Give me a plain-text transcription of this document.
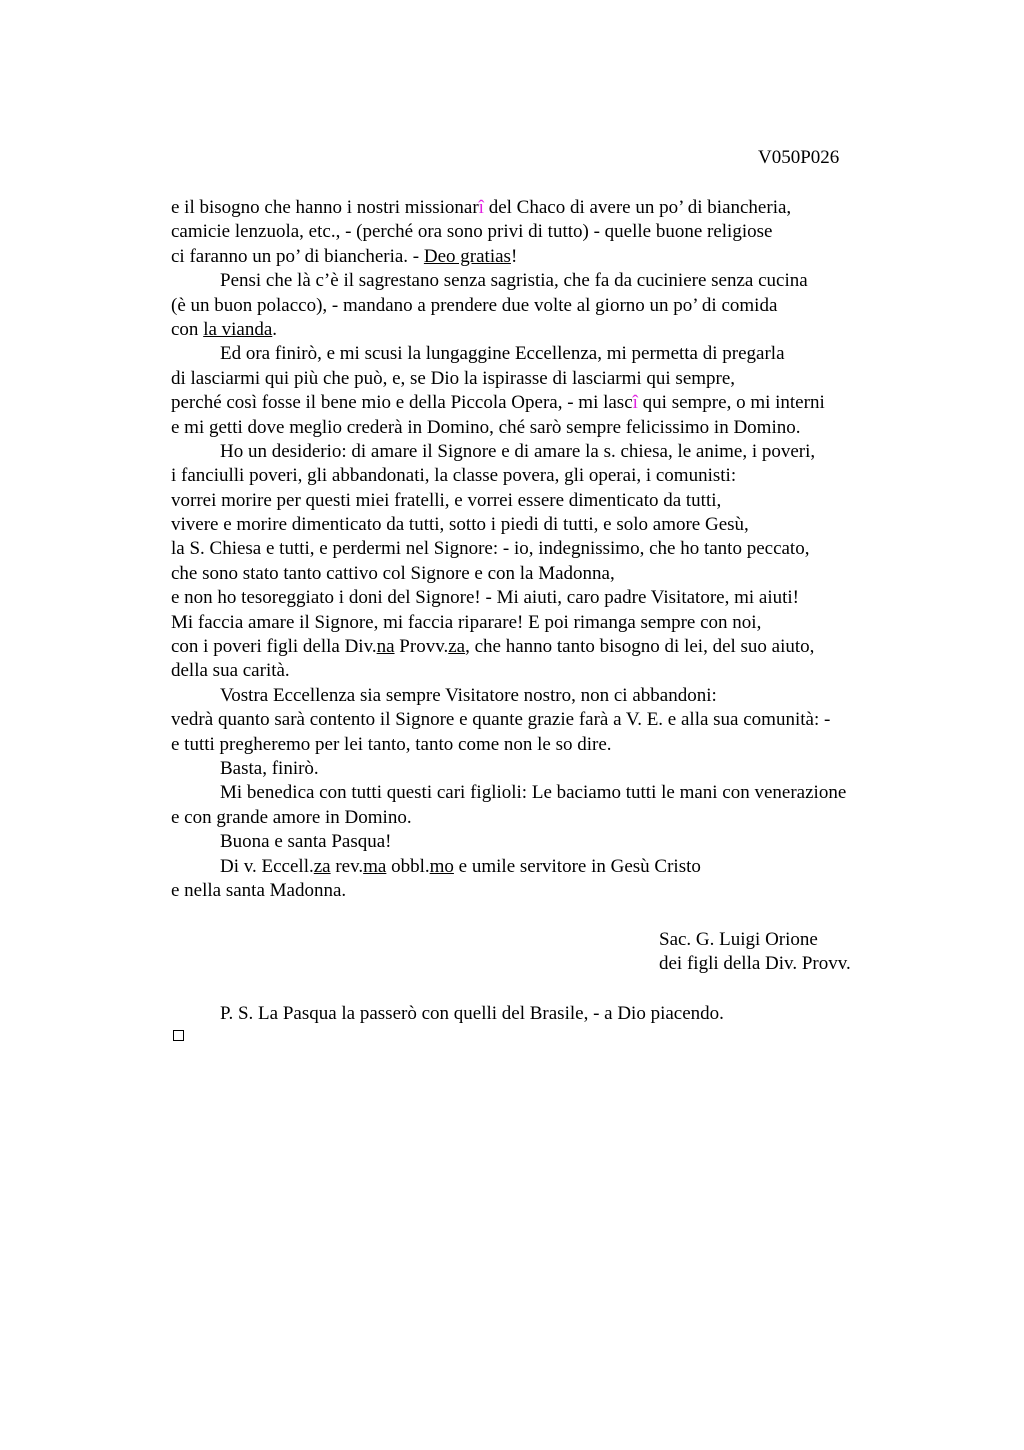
V050P026
e il bisogno che hanno i nostri missionarî del Chaco di avere un po’ di biancheria,
camicie lenzuola, etc., - (perché ora sono privi di tutto) - quelle buone religiose
ci faranno un po’ di biancheria. - Deo gratias!
Pensi che là c’è il sagrestano senza sagristia, che fa da cuciniere senza cucina
(è un buon polacco), - mandano a prendere due volte al giorno un po’ di comida
con la vianda.
Ed ora finirò, e mi scusi la lungaggine Eccellenza, mi permetta di pregarla
di lasciarmi qui più che può, e, se Dio la ispirasse di lasciarmi qui sempre,
perché così fosse il bene mio e della Piccola Opera, - mi lascî qui sempre, o mi interni
e mi getti dove meglio crederà in Domino, ché sarò sempre felicissimo in Domino.
Ho un desiderio: di amare il Signore e di amare la s. chiesa, le anime, i poveri,
i fanciulli poveri, gli abbandonati, la classe povera, gli operai, i comunisti:
vorrei morire per questi miei fratelli, e vorrei essere dimenticato da tutti,
vivere e morire dimenticato da tutti, sotto i piedi di tutti, e solo amore Gesù,
la S. Chiesa e tutti, e perdermi nel Signore: - io, indegnissimo, che ho tanto peccato,
che sono stato tanto cattivo col Signore e con la Madonna,
e non ho tesoreggiato i doni del Signore! - Mi aiuti, caro padre Visitatore, mi aiuti!
Mi faccia amare il Signore, mi faccia riparare! E poi rimanga sempre con noi,
con i poveri figli della Div.na Provv.za, che hanno tanto bisogno di lei, del suo aiuto,
della sua carità.
Vostra Eccellenza sia sempre Visitatore nostro, non ci abbandoni:
vedrà quanto sarà contento il Signore e quante grazie farà a V. E. e alla sua comunità: -
e tutti pregheremo per lei tanto, tanto come non le so dire.
Basta, finirò.
Mi benedica con tutti questi cari figlioli: Le baciamo tutti le mani con venerazione
e con grande amore in Domino.
Buona e santa Pasqua!
Di v. Eccell.za rev.ma obbl.mo e umile servitore in Gesù Cristo
e nella santa Madonna.
Sac. G. Luigi Orione
dei figli della Div. Provv.
P. S. La Pasqua la passerò con quelli del Brasile, - a Dio piacendo.
